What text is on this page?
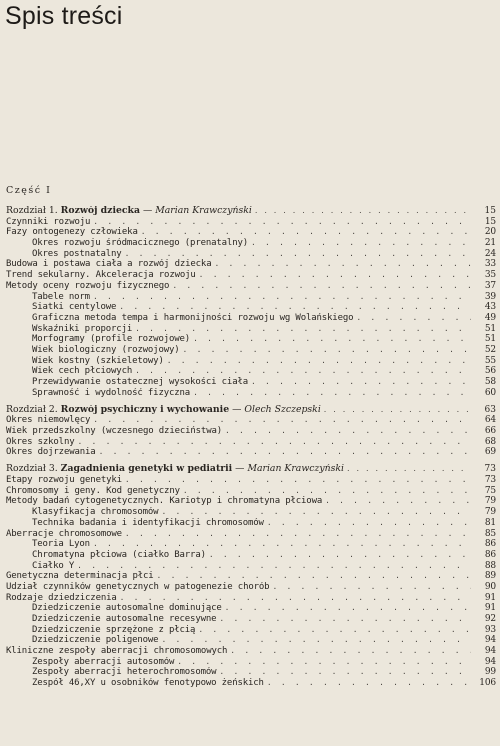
Spis treści
Część I
Rozdział 1. Rozwój dziecka — Marian Krawczyński . . .	15
Czynniki rozwoju . . .	15
Fazy ontogenezy człowieka . . .	20
Okres rozwoju śródmacicznego (prenatalny) . . .	21
Okres postnatalny . . .	24
Budowa i postawa ciała a rozwój dziecka . . .	33
Trend sekularny. Akceleracja rozwoju . . .	35
Metody oceny rozwoju fizycznego . . .	37
Tabele norm . . .	39
Siatki centylowe . . .	43
Graficzna metoda tempa i harmonijności rozwoju wg Wolańskiego . . .	49
Wskaźniki proporcji . . .	51
Morfogramy (profile rozwojowe) . . .	51
Wiek biologiczny (rozwojowy) . . .	52
Wiek kostny (szkieletowy) . . .	55
Wiek cech płciowych . . .	56
Przewidywanie ostatecznej wysokości ciała . . .	58
Sprawność i wydolność fizyczna . . .	60
Rozdział 2. Rozwój psychiczny i wychowanie — Olech Szczepski . . .	63
Okres niemowlęcy . . .	64
Wiek przedszkolny (wczesnego dzieciństwa) . . .	66
Okres szkolny . . .	68
Okres dojrzewania . . .	69
Rozdział 3. Zagadnienia genetyki w pediatrii — Marian Krawczyński . . .	73
Etapy rozwoju genetyki . . .	73
Chromosomy i geny. Kod genetyczny . . .	75
Metody badań cytogenetycznych. Kariotyp i chromatyna płciowa . . .	79
Klasyfikacja chromosomów . . .	79
Technika badania i identyfikacji chromosomów . . .	81
Aberracje chromosomowe . . .	85
Teoria Lyon . . .	86
Chromatyna płciowa (ciałko Barra) . . .	86
Ciałko Y . . .	88
Genetyczna determinacja płci . . .	89
Udział czynników genetycznych w patogenezie chorób . . .	90
Rodzaje dziedziczenia . . .	91
Dziedziczenie autosomalne dominujące . . .	91
Dziedziczenie autosomalne recesywne . . .	92
Dziedziczenie sprzężone z płcią . . .	93
Dziedziczenie poligenowe . . .	94
Kliniczne zespoły aberracji chromosomowych . . .	94
Zespoły aberracji autosomów . . .	94
Zespoły aberracji heterochromosomów . . .	99
Zespół 46,XY u osobników fenotypowo żeńskich . . .	106
